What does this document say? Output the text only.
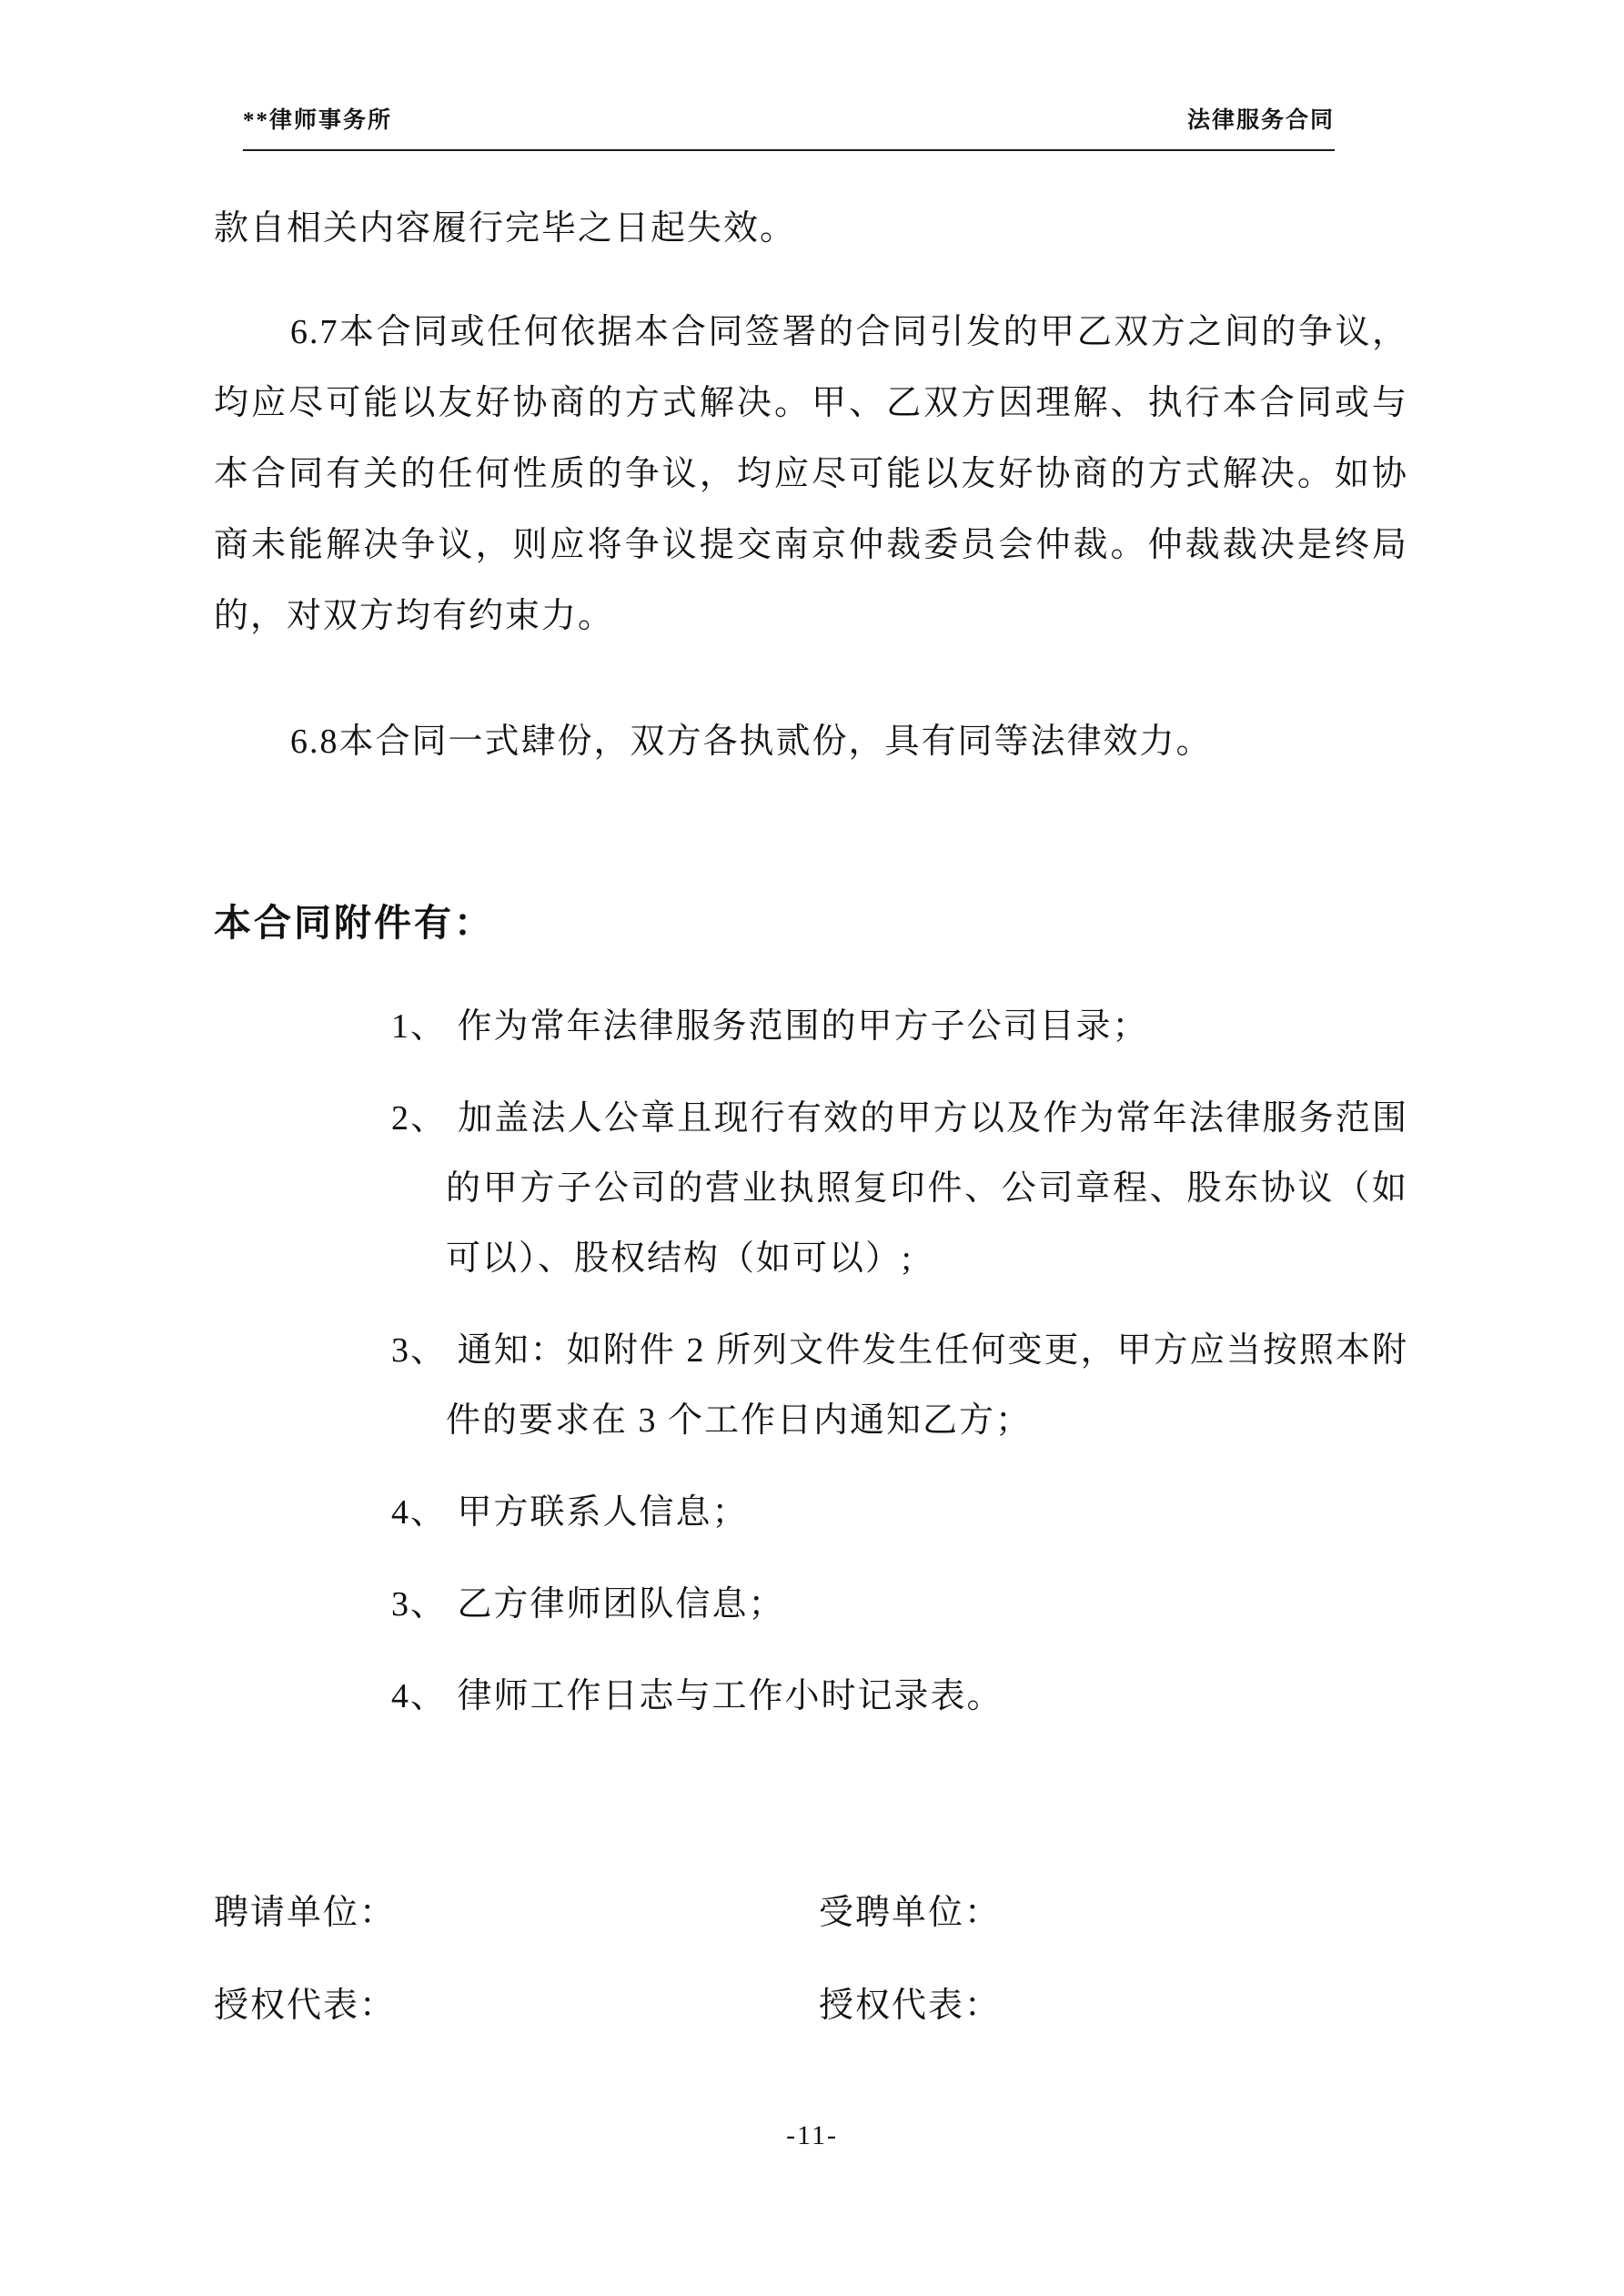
**律师事务所	法律服务合同

款自相关内容履行完毕之日起失效。

6.7本合同或任何依据本合同签署的合同引发的甲乙双方之间的争议，均应尽可能以友好协商的方式解决。甲、乙双方因理解、执行本合同或与本合同有关的任何性质的争议，均应尽可能以友好协商的方式解决。如协商未能解决争议，则应将争议提交南京仲裁委员会仲裁。仲裁裁决是终局的，对双方均有约束力。

6.8本合同一式肆份，双方各执贰份，具有同等法律效力。

本合同附件有：
1、 作为常年法律服务范围的甲方子公司目录；
2、 加盖法人公章且现行有效的甲方以及作为常年法律服务范围的甲方子公司的营业执照复印件、公司章程、股东协议（如可以）、股权结构（如可以）;
3、 通知：如附件 2 所列文件发生任何变更，甲方应当按照本附件的要求在 3 个工作日内通知乙方；
4、 甲方联系人信息；
3、 乙方律师团队信息；
4、 律师工作日志与工作小时记录表。
聘请单位：	受聘单位：
授权代表：	授权代表：
-11-
